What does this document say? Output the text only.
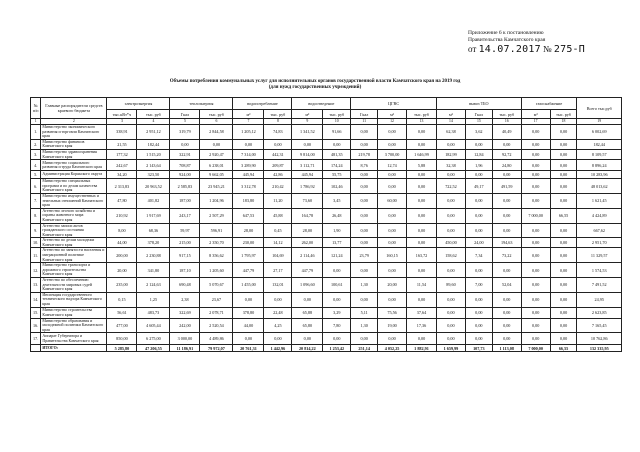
Приложение 6 к постановлению
Правительства Камчатского края
от 14.07.2017 № 275-П
Объемы потребления коммунальных услуг для исполнительных органов государственной власти Камчатского края на 2019 год
(для нужд государственных учреждений)
№ п/п	Главные распорядители средств краевого бюджета	электроэнергия		теплоэнергия		водопотребление		водоотведение		ЦГВС			вывоз ТБО			газоснабжение		Всего тыс.руб
		тыс.кВт*ч	тыс. руб	Гкал	тыс. руб	м³	тыс. руб	м³	тыс. руб	Гкал	м³	тыс. руб	м³	Гкал	тыс. руб	м³	тыс. руб	
1	2	3	4	5	6	7	8	9	10	11	12	13	14	15	16	17	18	19
1.	Министерство экономического развития и торговли Камчатского края	338,91	2 951,12	319,79	2 844,58	1 205,12	74,83	1 341,52	91,66	0,00	0,00	0,00	62,38	3,62	40,49	0,00	0,00	6 002,69
2.	Министерство финансов Камчатского края	21,55	182,44	0,00	0,00	0,00	0,00	0,00	0,00	0,00	0,00	0,00	0,00	0,00	0,00	0,00	0,00	182,44
3.	Министерство здравоохранения Камчатского края	177,32	1 515,20	322,91	2 920,47	7 314,00	442,31	9 814,00	481,35	219,78	3 700,00	1 646,99	182,99	12,84	92,72	0,00	0,00	8 109,57
4.	Министерство социального развития и труда Камчатского края	242,67	2 143,64	708,87	6 238,01	3 289,90	209,87	3 112,71	174,24	8,76	12,74	5,88	32,38	1,96	24,80	0,00	0,00	8 896,24
5.	Администрация Корякского округа	34,20	323,50	924,00	9 662,05	445,94	42,86	445,94	55,75	0,00	0,00	0,00	0,00	0,00	0,00	0,00	0,00	10 283,96
6.	Министерство специальных программ и по делам казачества Камчатского края	2 313,83	20 963,52	2 585,83	23 945,21	3 312,78	210,42	1 786,92	102,46	0,00	0,00	0,00	722,52	49,17	491,59	0,00	0,00	48 013,62
7.	Министерство имущественных и земельных отношений Камчатского края	47,80	401,82	187,00	1 204,96	183,80	11,20	73,60	3,45	0,00	60,00	0,00	0,00	0,00	0,00	0,00	0,00	1 621,45
8.	Агентство лесного хозяйства и охраны животного мира Камчатского края	210,92	1 917,69	243,17	2 507,29	647,53	45,88	164,78	26,48	0,00	0,00	0,00	0,00	0,00	0,00	7 000,00	66,55	4 424,89
9.	Агентство записи актов гражданского состояния Камчатского края	8,00	68,36	59,97	596,91	28,00	0,45	28,00	1,90	0,00	0,00	0,00	0,00	0,00	0,00	0,00	0,00	667,62
10.	Агентство по делам молодежи Камчатского края	44,00	378,20	215,00	2 350,70	230,00	14,12	262,00	13,77	0,00	0,00	0,00	450,00	24,00	194,63	0,00	0,00	2 951,70
11.	Агентство по занятости населения и миграционной политике Камчатского края	200,00	2 230,88	917,15	8 356,62	1 795,97	104,69	2 114,46	121,24	23,79	160,15	163,72	158,62	7,34	73,22	0,00	0,00	11 329,57
12.	Министерство транспорта и дорожного строительства Камчатского края	20,00	341,80	187,10	1 205,60	447,79	27,17	447,79	0,00	0,00	0,00	0,00	0,00	0,00	0,00	0,00	0,00	1 574,53
13.	Агентство по обеспечению деятельности мировых судей Камчатского края	235,00	2 124,63	690,48	5 070,67	1 455,00	132,01	1 096,60	100,61	1,30	20,00	11,54	89,60	7,00	52,04	0,00	0,00	7 491,52
14.	Инспекция государственного технического надзора Камчатского края	0,15	1,25	2,38	23,67	0,00	0,00	0,00	0,00	0,00	0,00	0,00	0,00	0,00	0,00	0,00	0,00	24,95
15.	Министерство строительства Камчатского края	56,61	483,73	322,69	2 078,71	378,80	22,48	65,88	3,29	5,11	75,56	37,64	0,00	0,00	0,00	0,00	0,00	2 623,85
16.	Министерство образования и молодежной политики Камчатского края	477,00	4 605,44	242,00	2 520,54	44,00	4,25	65,80	7,80	1,30	19,00	17,36	0,00	0,00	0,00	0,00	0,00	7 165,45
17.	Аппарат Губернатора и Правительства Камчатского края	850,00	6 275,00	3 000,00	4 489,86	0,00	0,00	0,00	0,00	0,00	0,00	0,00	0,00	0,00	0,00	0,00	0,00	10 762,86
	ИТОГО:	5 285,80	47 206,55	11 186,91	79 972,07	20 761,31	1 442,96	20 814,22	1 253,42	251,14	4 052,25	1 882,91	1 659,99	107,73	1 113,08	7 000,00	66,55	132 335,95
